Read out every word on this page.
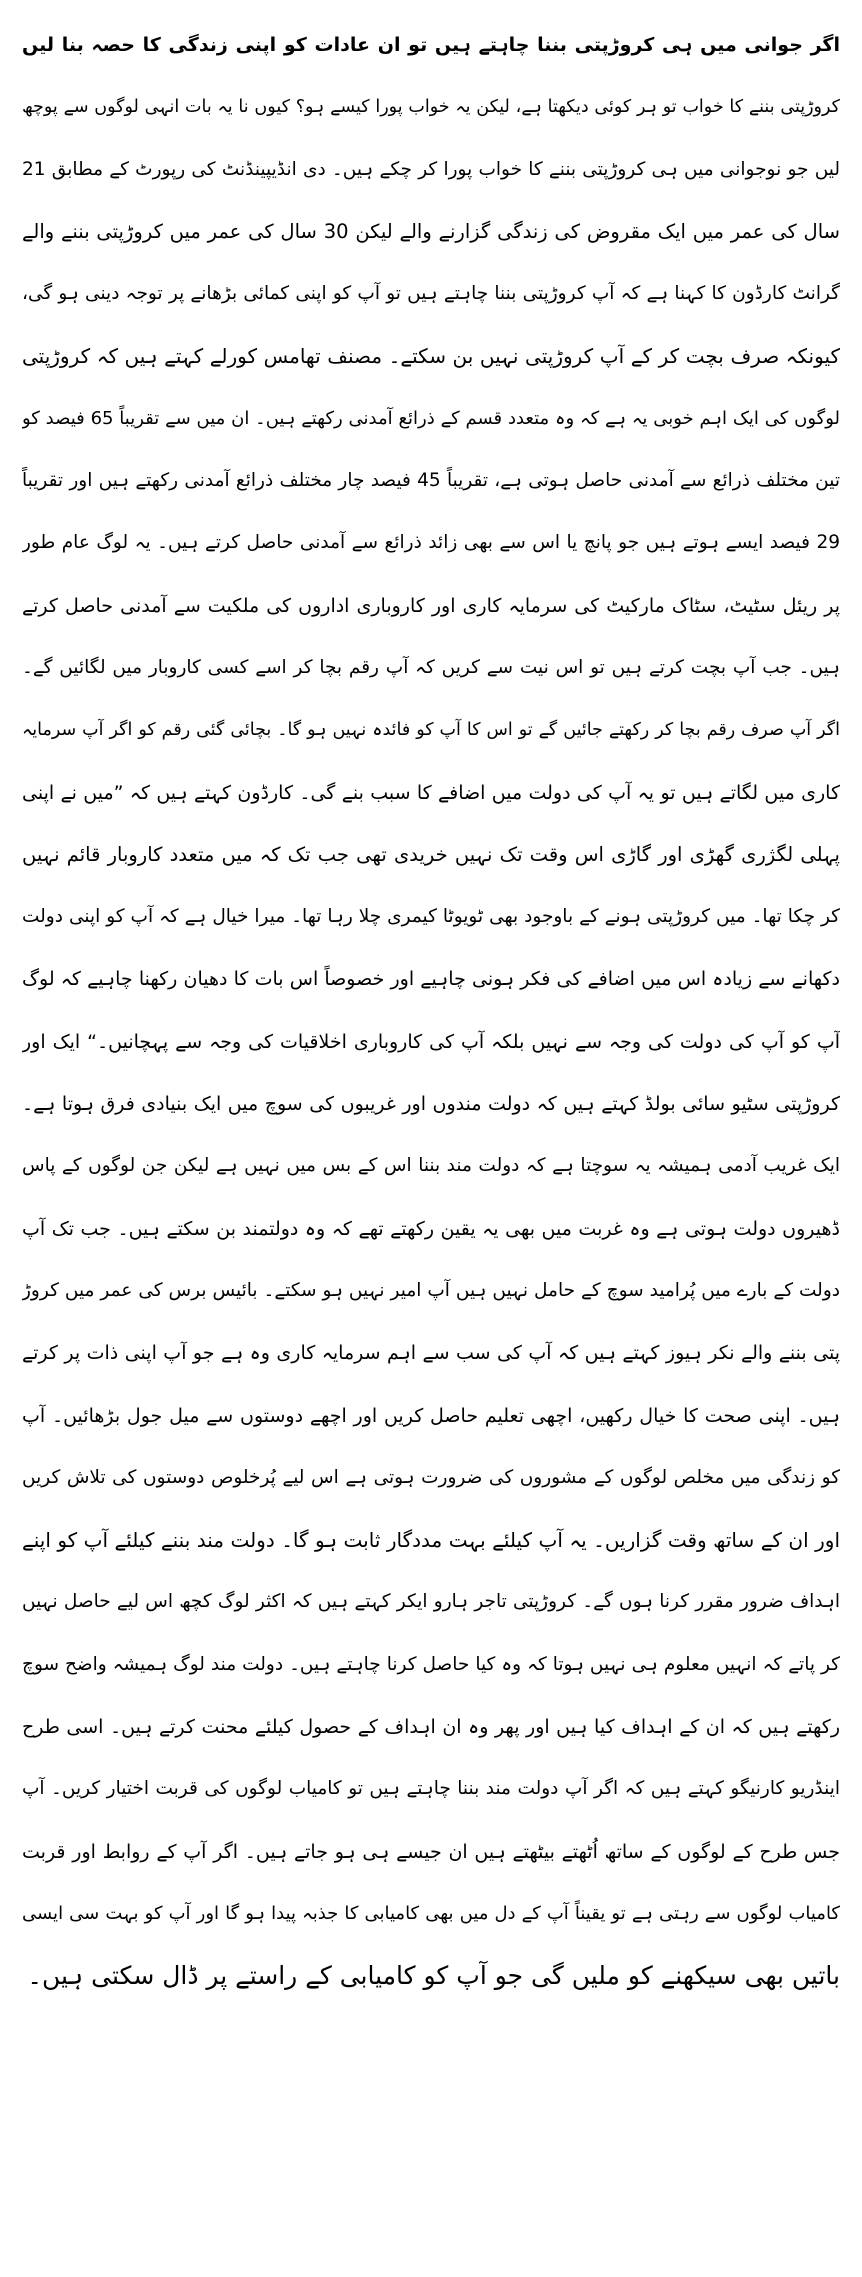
اگر جوانی میں ہی کروڑپتی بننا چاہتے ہیں تو ان عادات کو اپنی زندگی کا حصہ بنا لیں
کروڑپتی بننے کا خواب تو ہر کوئی دیکھتا ہے، لیکن یہ خواب پورا کیسے ہو؟ کیوں نا یہ بات انہی لوگوں سے پوچھ
لیں جو نوجوانی میں ہی کروڑپتی بننے کا خواب پورا کر چکے ہیں۔ دی انڈیپینڈنٹ کی رپورٹ کے مطابق 21
سال کی عمر میں ایک مقروض کی زندگی گزارنے والے لیکن 30 سال کی عمر میں کروڑپتی بننے والے
گرانٹ کارڈون کا کہنا ہے کہ آپ کروڑپتی بننا چاہتے ہیں تو آپ کو اپنی کمائی بڑھانے پر توجہ دینی ہو گی،
کیونکہ صرف بچت کر کے آپ کروڑپتی نہیں بن سکتے۔ مصنف تھامس کورلے کہتے ہیں کہ کروڑپتی
لوگوں کی ایک اہم خوبی یہ ہے کہ وہ متعدد قسم کے ذرائع آمدنی رکھتے ہیں۔ ان میں سے تقریباً 65 فیصد کو
تین مختلف ذرائع سے آمدنی حاصل ہوتی ہے، تقریباً 45 فیصد چار مختلف ذرائع آمدنی رکھتے ہیں اور تقریباً
29 فیصد ایسے ہوتے ہیں جو پانچ یا اس سے بھی زائد ذرائع سے آمدنی حاصل کرتے ہیں۔ یہ لوگ عام طور
پر ریئل سٹیٹ، سٹاک مارکیٹ کی سرمایہ کاری اور کاروباری اداروں کی ملکیت سے آمدنی حاصل کرتے
ہیں۔ جب آپ بچت کرتے ہیں تو اس نیت سے کریں کہ آپ رقم بچا کر اسے کسی کاروبار میں لگائیں گے۔
اگر آپ صرف رقم بچا کر رکھتے جائیں گے تو اس کا آپ کو فائدہ نہیں ہو گا۔ بچائی گئی رقم کو اگر آپ سرمایہ
کاری میں لگاتے ہیں تو یہ آپ کی دولت میں اضافے کا سبب بنے گی۔ کارڈون کہتے ہیں کہ ”میں نے اپنی
پہلی لگژری گھڑی اور گاڑی اس وقت تک نہیں خریدی تھی جب تک کہ میں متعدد کاروبار قائم نہیں
کر چکا تھا۔ میں کروڑپتی ہونے کے باوجود بھی ٹویوٹا کیمری چلا رہا تھا۔ میرا خیال ہے کہ آپ کو اپنی دولت
دکھانے سے زیادہ اس میں اضافے کی فکر ہونی چاہیے اور خصوصاً اس بات کا دھیان رکھنا چاہیے کہ لوگ
آپ کو آپ کی دولت کی وجہ سے نہیں بلکہ آپ کی کاروباری اخلاقیات کی وجہ سے پہچانیں۔“ ایک اور
کروڑپتی سٹیو سائی بولڈ کہتے ہیں کہ دولت مندوں اور غریبوں کی سوچ میں ایک بنیادی فرق ہوتا ہے۔
ایک غریب آدمی ہمیشہ یہ سوچتا ہے کہ دولت مند بننا اس کے بس میں نہیں ہے لیکن جن لوگوں کے پاس
ڈھیروں دولت ہوتی ہے وہ غربت میں بھی یہ یقین رکھتے تھے کہ وہ دولتمند بن سکتے ہیں۔ جب تک آپ
دولت کے بارے میں پُرامید سوچ کے حامل نہیں ہیں آپ امیر نہیں ہو سکتے۔ بائیس برس کی عمر میں کروڑ
پتی بننے والے نکر ہیوز کہتے ہیں کہ آپ کی سب سے اہم سرمایہ کاری وہ ہے جو آپ اپنی ذات پر کرتے
ہیں۔ اپنی صحت کا خیال رکھیں، اچھی تعلیم حاصل کریں اور اچھے دوستوں سے میل جول بڑھائیں۔ آپ
کو زندگی میں مخلص لوگوں کے مشوروں کی ضرورت ہوتی ہے اس لیے پُرخلوص دوستوں کی تلاش کریں
اور ان کے ساتھ وقت گزاریں۔ یہ آپ کیلئے بہت مددگار ثابت ہو گا۔ دولت مند بننے کیلئے آپ کو اپنے
اہداف ضرور مقرر کرنا ہوں گے۔ کروڑپتی تاجر ہارو ایکر کہتے ہیں کہ اکثر لوگ کچھ اس لیے حاصل نہیں
کر پاتے کہ انہیں معلوم ہی نہیں ہوتا کہ وہ کیا حاصل کرنا چاہتے ہیں۔ دولت مند لوگ ہمیشہ واضح سوچ
رکھتے ہیں کہ ان کے اہداف کیا ہیں اور پھر وہ ان اہداف کے حصول کیلئے محنت کرتے ہیں۔ اسی طرح
اینڈریو کارنیگو کہتے ہیں کہ اگر آپ دولت مند بننا چاہتے ہیں تو کامیاب لوگوں کی قربت اختیار کریں۔ آپ
جس طرح کے لوگوں کے ساتھ اُٹھتے بیٹھتے ہیں ان جیسے ہی ہو جاتے ہیں۔ اگر آپ کے روابط اور قربت
کامیاب لوگوں سے رہتی ہے تو یقیناً آپ کے دل میں بھی کامیابی کا جذبہ پیدا ہو گا اور آپ کو بہت سی ایسی
باتیں بھی سیکھنے کو ملیں گی جو آپ کو کامیابی کے راستے پر ڈال سکتی ہیں۔
